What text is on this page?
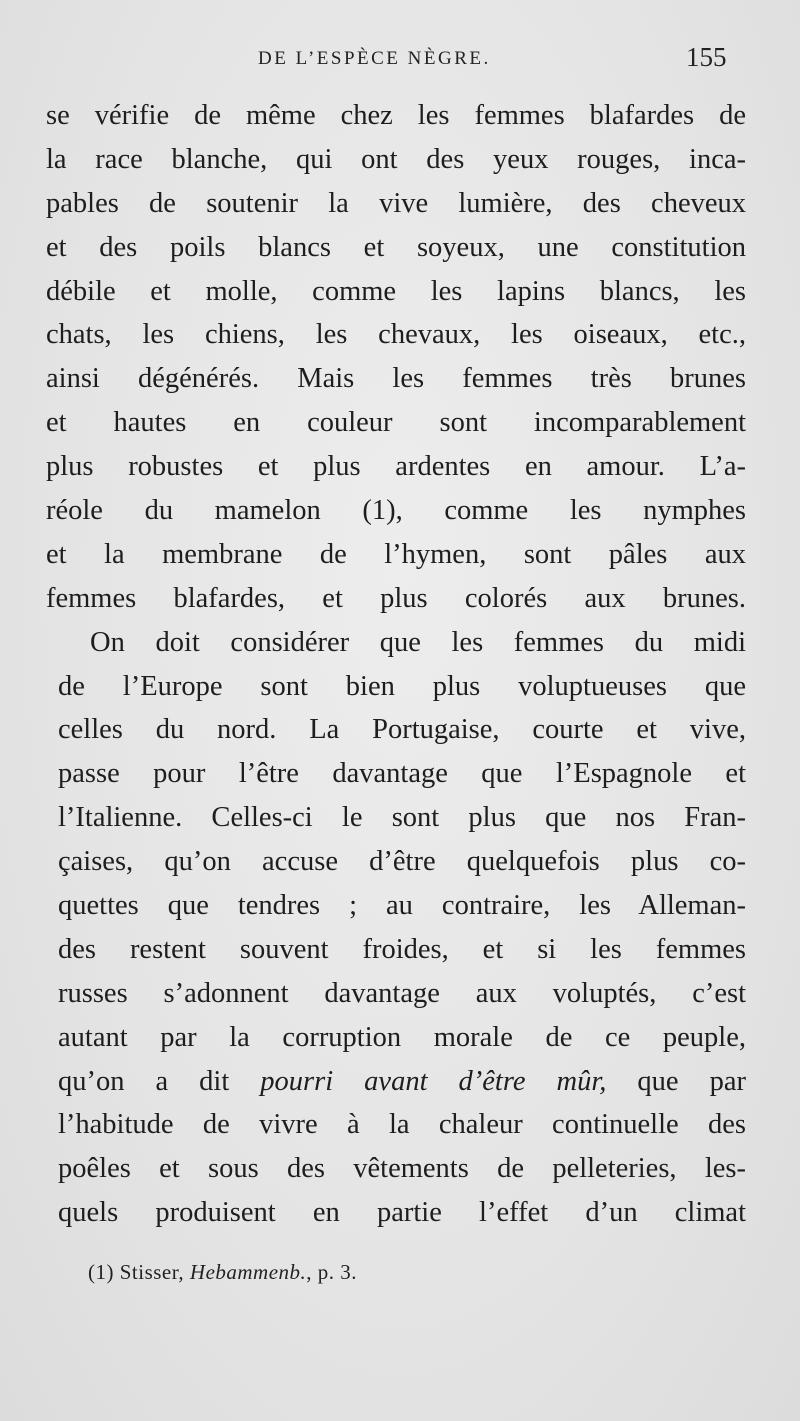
DE L’ESPÈCE NÈGRE.	155
se vérifie de même chez les femmes blafardes de
la race blanche, qui ont des yeux rouges, inca-
pables de soutenir la vive lumière, des cheveux
et des poils blancs et soyeux, une constitution
débile et molle, comme les lapins blancs, les
chats, les chiens, les chevaux, les oiseaux, etc.,
ainsi dégénérés. Mais les femmes très brunes
et hautes en couleur sont incomparablement
plus robustes et plus ardentes en amour. L’a-
réole du mamelon (1), comme les nymphes
et la membrane de l’hymen, sont pâles aux
femmes blafardes, et plus colorés aux brunes.
On doit considérer que les femmes du midi
de l’Europe sont bien plus voluptueuses que
celles du nord. La Portugaise, courte et vive,
passe pour l’être davantage que l’Espagnole et
l’Italienne. Celles-ci le sont plus que nos Fran-
çaises, qu’on accuse d’être quelquefois plus co-
quettes que tendres ; au contraire, les Alleman-
des restent souvent froides, et si les femmes
russes s’adonnent davantage aux voluptés, c’est
autant par la corruption morale de ce peuple,
qu’on a dit pourri avant d’être mûr, que par
l’habitude de vivre à la chaleur continuelle des
poêles et sous des vêtements de pelleteries, les-
quels produisent en partie l’effet d’un climat
(1) Stisser, Hebammenb., p. 3.
